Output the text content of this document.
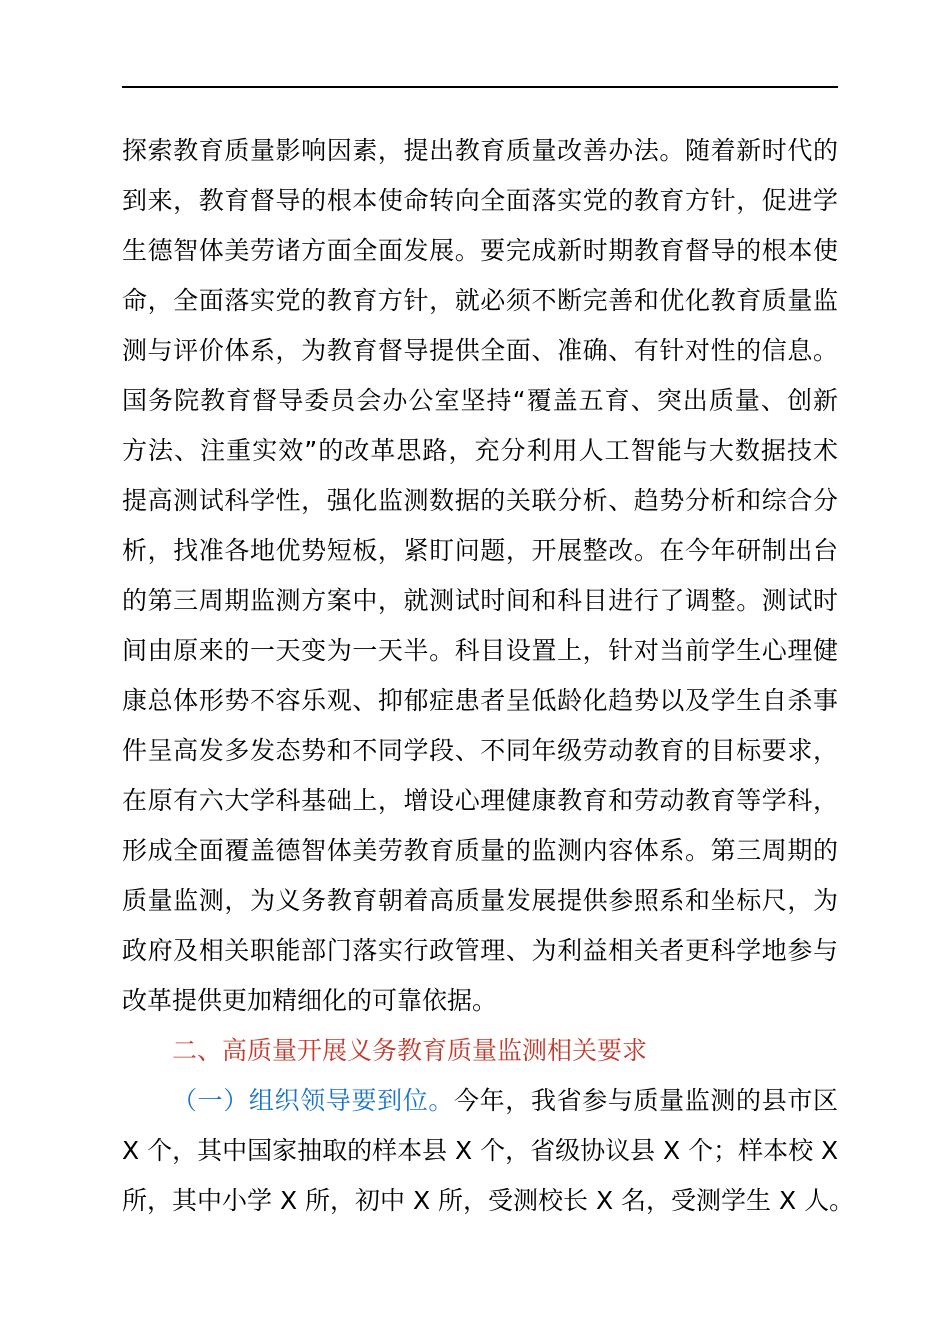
探索教育质量影响因素，提出教育质量改善办法。随着新时代的
到来，教育督导的根本使命转向全面落实党的教育方针，促进学
生德智体美劳诸方面全面发展。要完成新时期教育督导的根本使
命，全面落实党的教育方针，就必须不断完善和优化教育质量监
测与评价体系，为教育督导提供全面、准确、有针对性的信息。
国务院教育督导委员会办公室坚持“覆盖五育、突出质量、创新
方法、注重实效”的改革思路，充分利用人工智能与大数据技术
提高测试科学性，强化监测数据的关联分析、趋势分析和综合分
析，找准各地优势短板，紧盯问题，开展整改。在今年研制出台
的第三周期监测方案中，就测试时间和科目进行了调整。测试时
间由原来的一天变为一天半。科目设置上，针对当前学生心理健
康总体形势不容乐观、抑郁症患者呈低龄化趋势以及学生自杀事
件呈高发多发态势和不同学段、不同年级劳动教育的目标要求，
在原有六大学科基础上，增设心理健康教育和劳动教育等学科，
形成全面覆盖德智体美劳教育质量的监测内容体系。第三周期的
质量监测，为义务教育朝着高质量发展提供参照系和坐标尺，为
政府及相关职能部门落实行政管理、为利益相关者更科学地参与
改革提供更加精细化的可靠依据。
二、高质量开展义务教育质量监测相关要求
（一）组织领导要到位。今年，我省参与质量监测的县市区
X 个，其中国家抽取的样本县 X 个，省级协议县 X 个；样本校 X
所，其中小学 X 所，初中 X 所，受测校长 X 名，受测学生 X 人。
